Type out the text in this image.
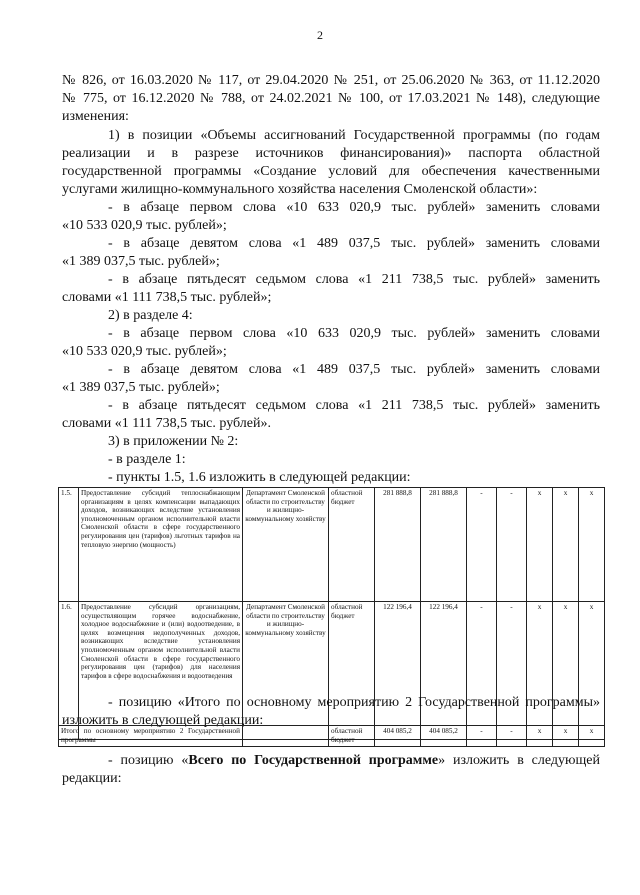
2
№ 826, от 16.03.2020 № 117, от 29.04.2020 № 251, от 25.06.2020 № 363, от 11.12.2020
№ 775, от 16.12.2020 № 788, от 24.02.2021 № 100, от 17.03.2021 № 148), следующие
изменения:
1) в позиции «Объемы ассигнований Государственной программы (по годам
реализации и в разрезе источников финансирования)» паспорта областной
государственной программы «Создание условий для обеспечения качественными
услугами жилищно-коммунального хозяйства населения Смоленской области»:
- в абзаце первом слова «10 633 020,9 тыс. рублей» заменить словами
«10 533 020,9 тыс. рублей»;
- в абзаце девятом слова «1 489 037,5 тыс. рублей» заменить словами
«1 389 037,5 тыс. рублей»;
- в абзаце пятьдесят седьмом слова «1 211 738,5 тыс. рублей» заменить
словами «1 111 738,5 тыс. рублей»;
2) в разделе 4:
- в абзаце первом слова «10 633 020,9 тыс. рублей» заменить словами
«10 533 020,9 тыс. рублей»;
- в абзаце девятом слова «1 489 037,5 тыс. рублей» заменить словами
«1 389 037,5 тыс. рублей»;
- в абзаце пятьдесят седьмом слова «1 211 738,5 тыс. рублей» заменить
словами «1 111 738,5 тыс. рублей».
3) в приложении № 2:
- в разделе 1:
- пункты 1.5, 1.6 изложить в следующей редакции:
1.5.	Предоставление субсидий теплоснабжающим организациям в целях компенсации выпадающих доходов, возникающих вследствие установления уполномоченным органом исполнительной власти Смоленской области в сфере государственного регулирования цен (тарифов) льготных тарифов на тепловую энергию (мощность)	Департамент Смоленской области по строительству и жилищно-коммунальному хозяйству	областной бюджет	281 888,8	281 888,8	-	-	x	x	x
1.6.	Предоставление субсидий организациям, осуществляющим горячее водоснабжение, холодное водоснабжение и (или) водоотведение, в целях возмещения недополученных доходов, возникающих вследствие установления уполномоченным органом исполнительной власти Смоленской области в сфере государственного регулирования цен (тарифов) для населения тарифов в сфере водоснабжения и водоотведения	Департамент Смоленской области по строительству и жилищно-коммунальному хозяйству	областной бюджет	122 196,4	122 196,4	-	-	x	x	x
- позицию «Итого по основному мероприятию 2 Государственной программы»
изложить в следующей редакции:
Итого по основному мероприятию 2 Государственной программы		областной бюджет	404 085,2	404 085,2	-	-	x	x	x
- позицию «Всего по Государственной программе» изложить в следующей
редакции:
